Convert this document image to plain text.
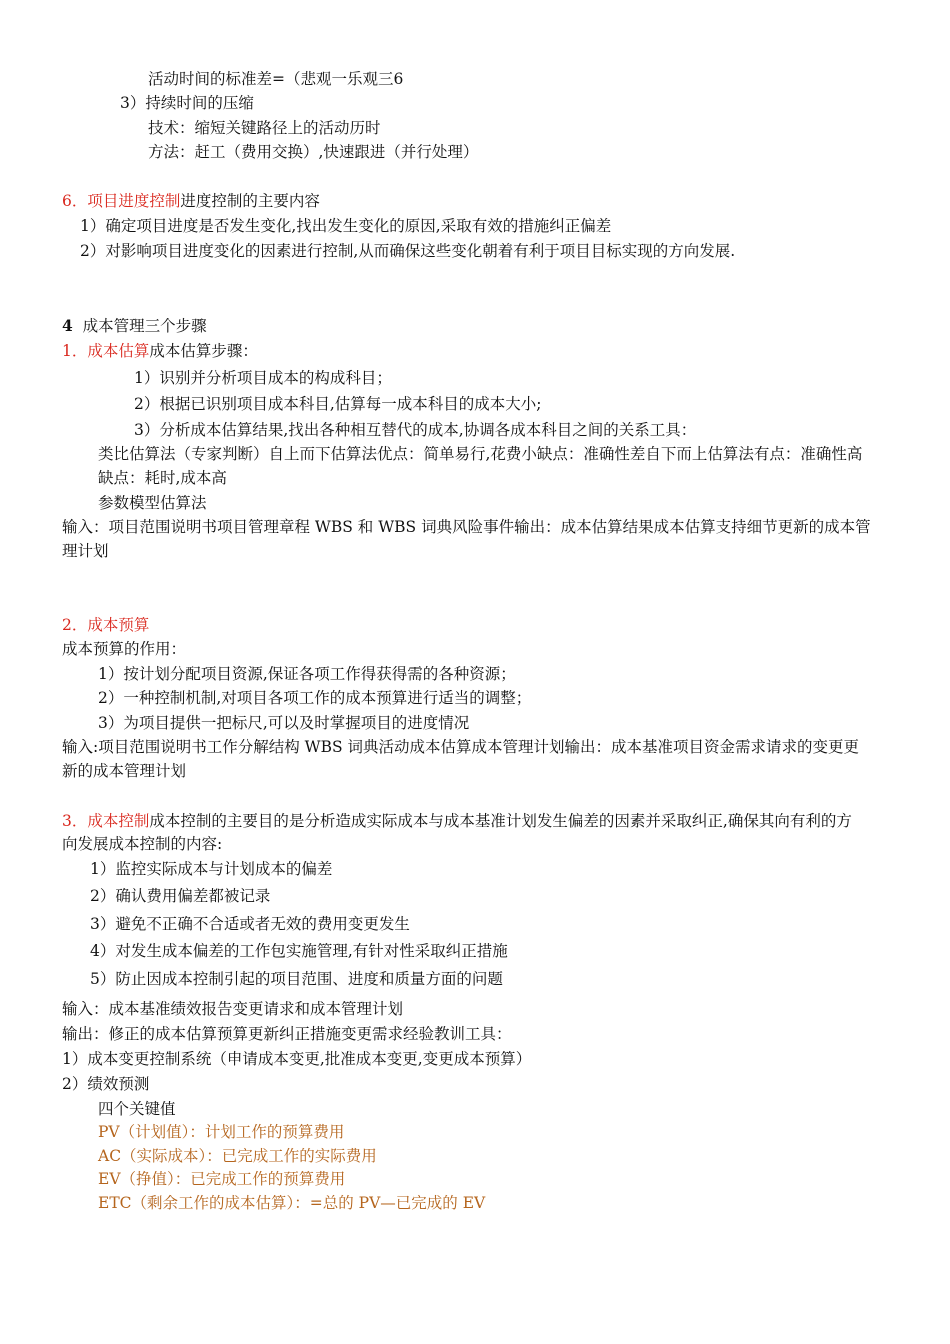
活动时间的标准差=（悲观一乐观三6
3）持续时间的压缩
技术：缩短关键路径上的活动历时
方法：赶工（费用交换）,快速跟进（并行处理）
6．项目进度控制进度控制的主要内容
1）确定项目进度是否发生变化,找出发生变化的原因,采取有效的措施纠正偏差
2）对影响项目进度变化的因素进行控制,从而确保这些变化朝着有利于项目目标实现的方向发展.
4 成本管理三个步骤
1．成本估算成本估算步骤：
1）识别并分析项目成本的构成科目；
2）根据已识别项目成本科目,估算每一成本科目的成本大小;
3）分析成本估算结果,找出各种相互替代的成本,协调各成本科目之间的关系工具：
类比估算法（专家判断）自上而下估算法优点：简单易行,花费小缺点：准确性差自下而上估算法有点：准确性高
缺点：耗时,成本高
参数模型估算法
输入：项目范围说明书项目管理章程 WBS 和 WBS 词典风险事件输出：成本估算结果成本估算支持细节更新的成本管
理计划
2．成本预算
成本预算的作用：
1）按计划分配项目资源,保证各项工作得获得需的各种资源；
2）一种控制机制,对项目各项工作的成本预算进行适当的调整；
3）为项目提供一把标尺,可以及时掌握项目的进度情况
输入:项目范围说明书工作分解结构 WBS 词典活动成本估算成本管理计划输出：成本基准项目资金需求请求的变更更
新的成本管理计划
3．成本控制成本控制的主要目的是分析造成实际成本与成本基准计划发生偏差的因素并采取纠正,确保其向有利的方
向发展成本控制的内容:
1）监控实际成本与计划成本的偏差
2）确认费用偏差都被记录
3）避免不正确不合适或者无效的费用变更发生
4）对发生成本偏差的工作包实施管理,有针对性采取纠正措施
5）防止因成本控制引起的项目范围、进度和质量方面的问题
输入：成本基准绩效报告变更请求和成本管理计划
输出：修正的成本估算预算更新纠正措施变更需求经验教训工具：
1）成本变更控制系统（申请成本变更,批准成本变更,变更成本预算）
2）绩效预测
四个关键值
PV（计划值）：计划工作的预算费用
AC（实际成本）：已完成工作的实际费用
EV（挣值）：已完成工作的预算费用
ETC（剩余工作的成本估算）：=总的 PV—已完成的 EV
